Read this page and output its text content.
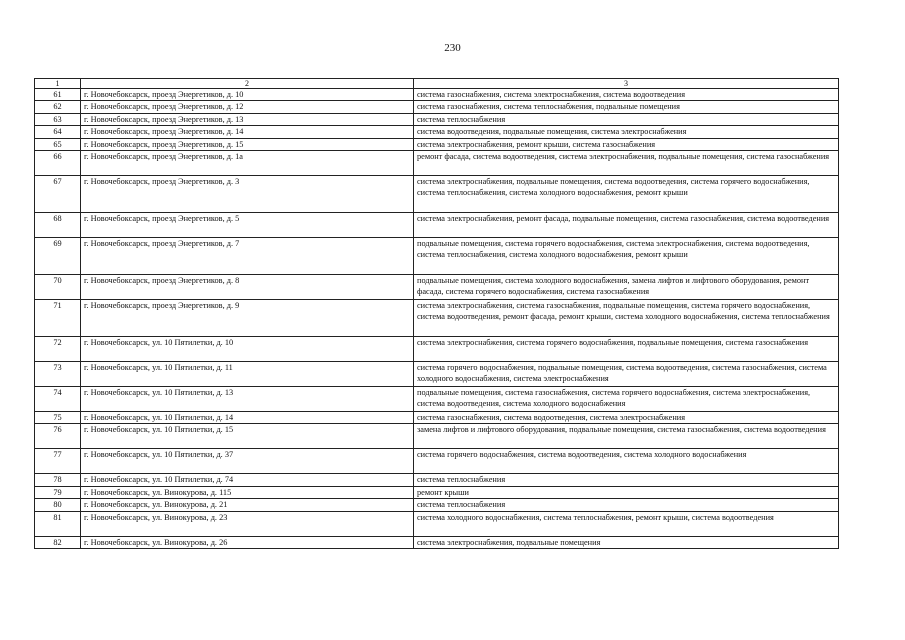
230
1	2	3
61	г. Новочебоксарск, проезд Энергетиков, д. 10	система газоснабжения, система электроснабжения, система водоотведения
62	г. Новочебоксарск, проезд Энергетиков, д. 12	система газоснабжения, система теплоснабжения, подвальные помещения
63	г. Новочебоксарск, проезд Энергетиков, д. 13	система теплоснабжения
64	г. Новочебоксарск, проезд Энергетиков, д. 14	система водоотведения, подвальные помещения, система электроснабжения
65	г. Новочебоксарск, проезд Энергетиков, д. 15	система электроснабжения, ремонт крыши, система газоснабжения
66	г. Новочебоксарск, проезд Энергетиков, д. 1а	ремонт фасада, система водоотведения, система электроснабжения, подвальные помещения, система газоснабжения
67	г. Новочебоксарск, проезд Энергетиков, д. 3	система электроснабжения, подвальные помещения, система водоотведения, система горячего водоснабжения, система теплоснабжения, система холодного водоснабжения, ремонт крыши
68	г. Новочебоксарск, проезд Энергетиков, д. 5	система электроснабжения, ремонт фасада, подвальные помещения, система газоснабжения, система водоотведения
69	г. Новочебоксарск, проезд Энергетиков, д. 7	подвальные помещения, система горячего водоснабжения, система электроснабжения, система водоотведения, система теплоснабжения, система холодного водоснабжения, ремонт крыши
70	г. Новочебоксарск, проезд Энергетиков, д. 8	подвальные помещения, система холодного водоснабжения, замена лифтов и лифтового оборудования, ремонт фасада, система горячего водоснабжения, система газоснабжения
71	г. Новочебоксарск, проезд Энергетиков, д. 9	система электроснабжения, система газоснабжения, подвальные помещения, система горячего водоснабжения, система водоотведения, ремонт фасада, ремонт крыши, система холодного водоснабжения, система теплоснабжения
72	г. Новочебоксарск, ул. 10 Пятилетки, д. 10	система электроснабжения, система горячего водоснабжения, подвальные помещения, система газоснабжения
73	г. Новочебоксарск, ул. 10 Пятилетки, д. 11	система горячего водоснабжения, подвальные помещения, система водоотведения, система газоснабжения, система холодного водоснабжения, система электроснабжения
74	г. Новочебоксарск, ул. 10 Пятилетки, д. 13	подвальные помещения, система газоснабжения, система горячего водоснабжения, система электроснабжения, система водоотведения, система холодного водоснабжения
75	г. Новочебоксарск, ул. 10 Пятилетки, д. 14	система газоснабжения, система водоотведения, система электроснабжения
76	г. Новочебоксарск, ул. 10 Пятилетки, д. 15	замена лифтов и лифтового оборудования, подвальные помещения, система газоснабжения, система водоотведения
77	г. Новочебоксарск, ул. 10 Пятилетки, д. 37	система горячего водоснабжения, система водоотведения, система холодного водоснабжения
78	г. Новочебоксарск, ул. 10 Пятилетки, д. 74	система теплоснабжения
79	г. Новочебоксарск, ул. Винокурова, д. 115	ремонт крыши
80	г. Новочебоксарск, ул. Винокурова, д. 21	система теплоснабжения
81	г. Новочебоксарск, ул. Винокурова, д. 23	система холодного водоснабжения, система теплоснабжения, ремонт крыши, система водоотведения
82	г. Новочебоксарск, ул. Винокурова, д. 26	система электроснабжения, подвальные помещения
